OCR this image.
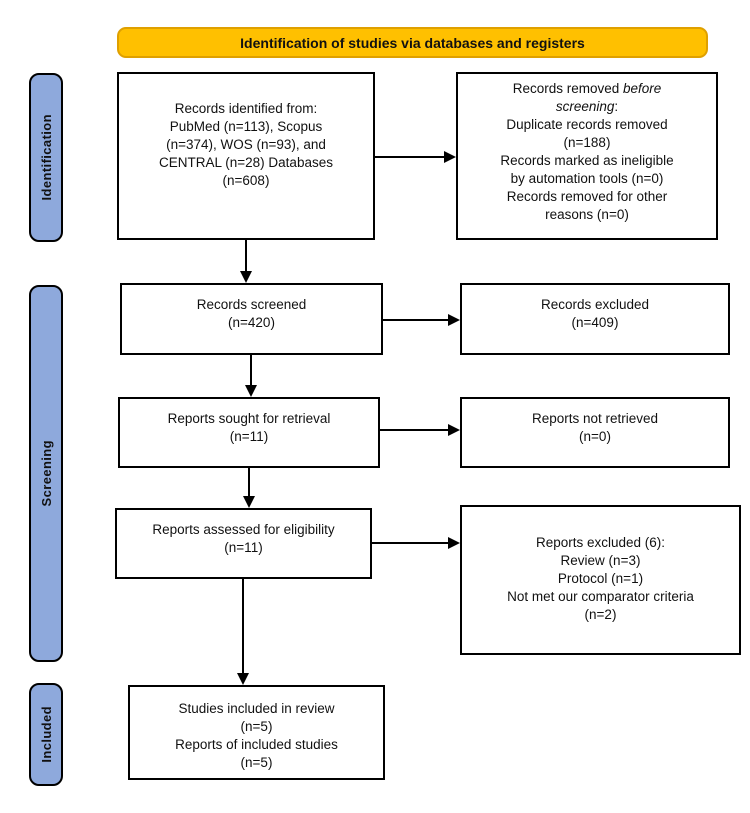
Identification of studies via databases and registers
Identification
Screening
Included
Records identified from:
PubMed (n=113), Scopus
(n=374), WOS (n=93), and
CENTRAL (n=28) Databases
(n=608)
Records removed before
screening:
Duplicate records removed
(n=188)
Records marked as ineligible
by automation tools (n=0)
Records removed for other
reasons (n=0)
Records screened
(n=420)
Records excluded
(n=409)
Reports sought for retrieval
(n=11)
Reports not retrieved
(n=0)
Reports assessed for eligibility
(n=11)	Reports excluded (6):
Review (n=3)
Protocol (n=1)
Not met our comparator criteria
(n=2)
Studies included in review
(n=5)
Reports of included studies
(n=5)
